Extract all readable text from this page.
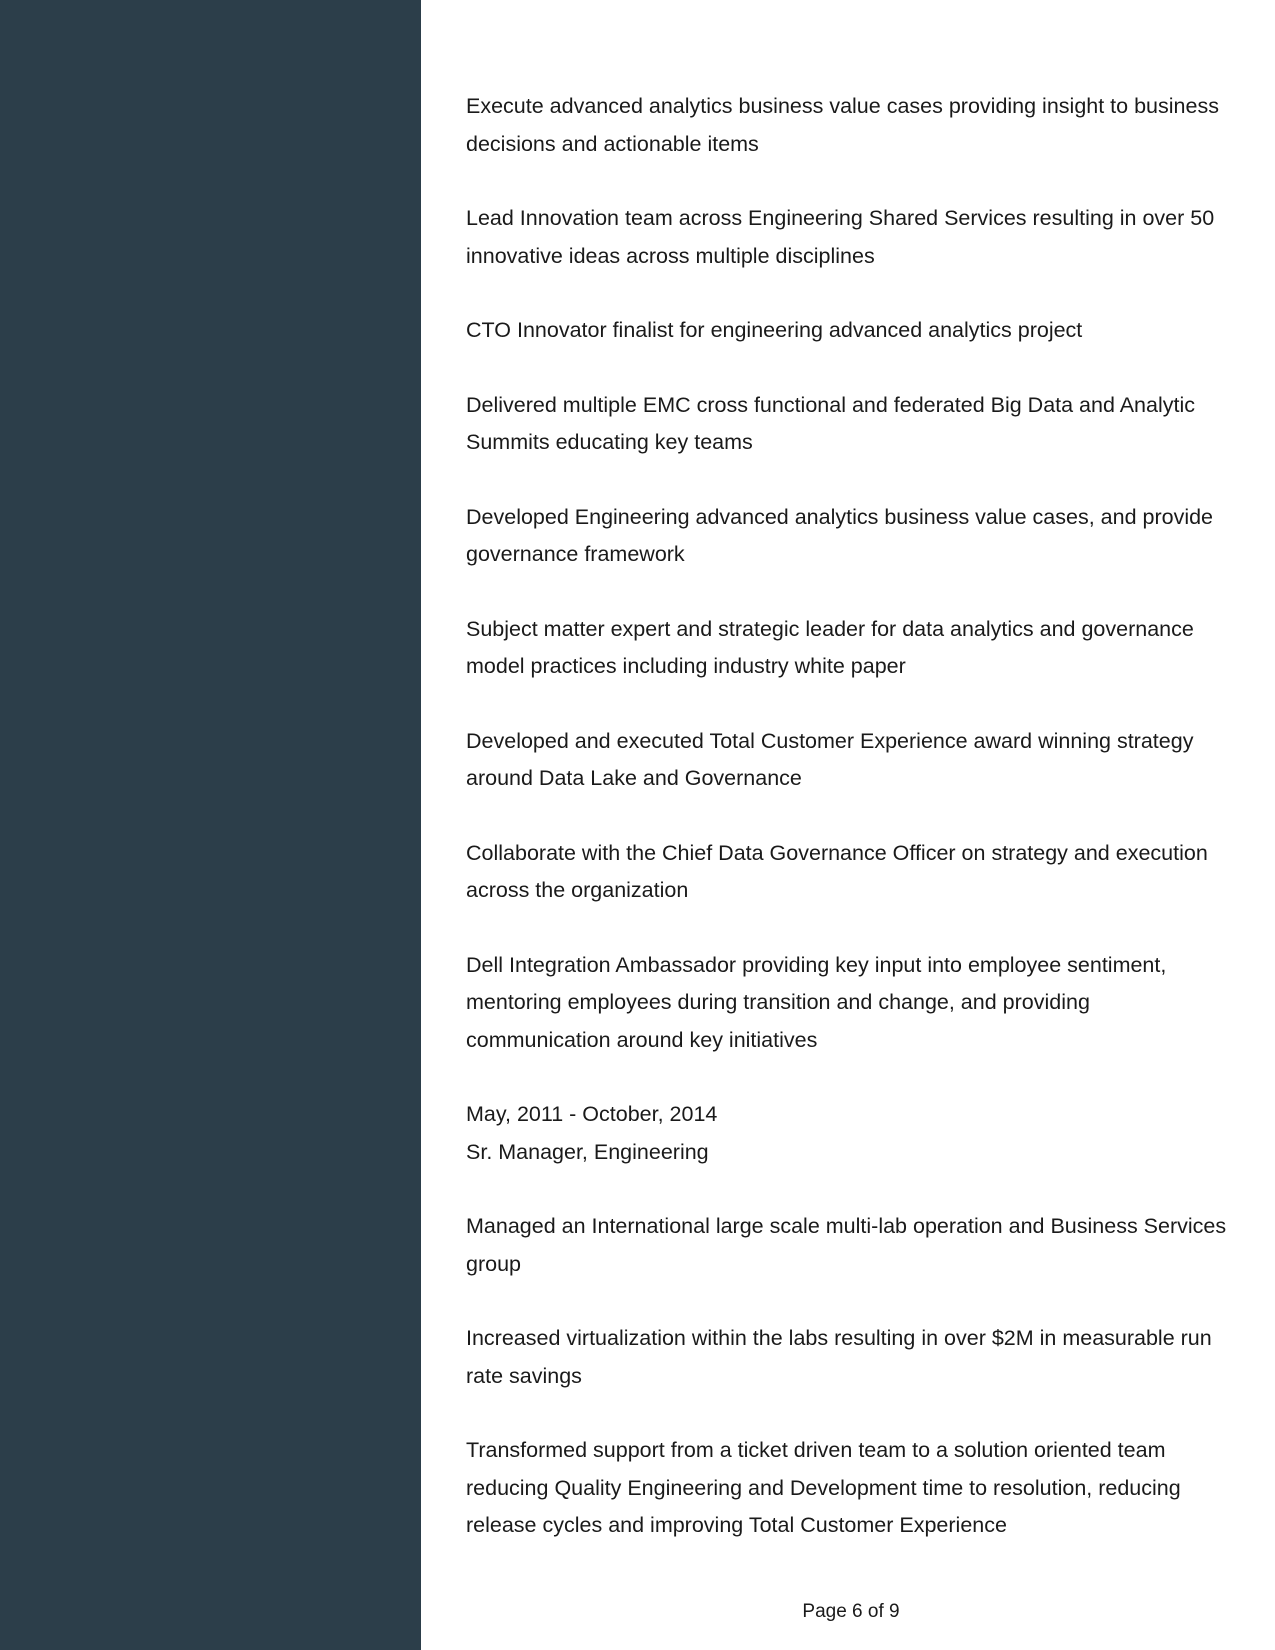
Execute advanced analytics business value cases providing insight to business decisions and actionable items

Lead Innovation team across Engineering Shared Services resulting in over 50 innovative ideas across multiple disciplines

CTO Innovator finalist for engineering advanced analytics project

Delivered multiple EMC cross functional and federated Big Data and Analytic Summits educating key teams

Developed Engineering advanced analytics business value cases, and provide governance framework

Subject matter expert and strategic leader for data analytics and governance model practices including industry white paper

Developed and executed Total Customer Experience award winning strategy around Data Lake and Governance

Collaborate with the Chief Data Governance Officer on strategy and execution across the organization

Dell Integration Ambassador providing key input into employee sentiment, mentoring employees during transition and change, and providing communication around key initiatives

May, 2011 - October, 2014
Sr. Manager, Engineering

Managed an International large scale multi-lab operation and Business Services group

Increased virtualization within the labs resulting in over $2M in measurable run rate savings

Transformed support from a ticket driven team to a solution oriented team reducing Quality Engineering and Development time to resolution, reducing release cycles and improving Total Customer Experience

Page 6 of 9
